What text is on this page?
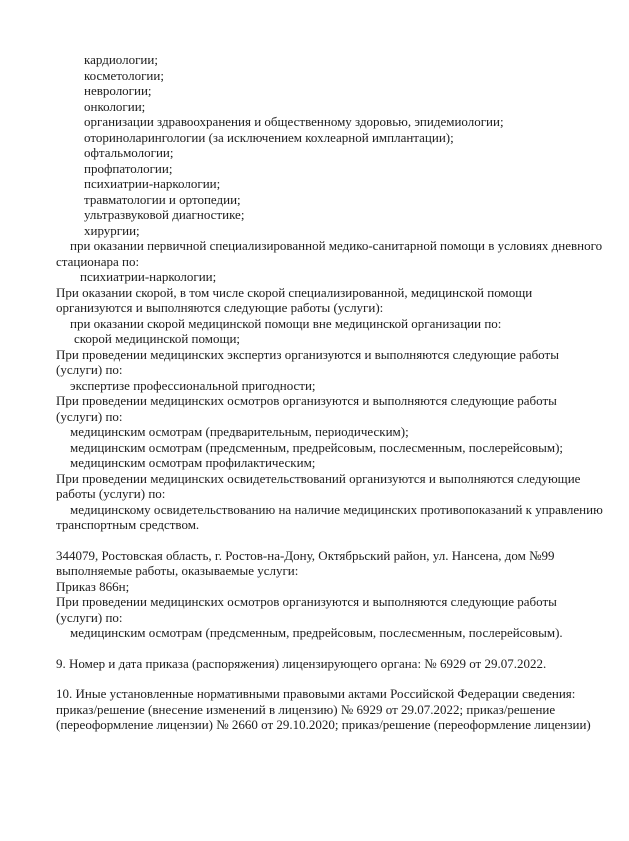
кардиологии;

косметологии;

неврологии;

онкологии;

организации здравоохранения и общественному здоровью, эпидемиологии;

оториноларингологии (за исключением кохлеарной имплантации);

офтальмологии;

профпатологии;

психиатрии-наркологии;

травматологии и ортопедии;

ультразвуковой диагностике;

хирургии;

при оказании первичной специализированной медико-санитарной помощи в условиях дневного

стационара по:

психиатрии-наркологии;

При оказании скорой, в том числе скорой специализированной, медицинской помощи

организуются и выполняются следующие работы (услуги):

при оказании скорой медицинской помощи вне медицинской организации по:

скорой медицинской помощи;

При проведении медицинских экспертиз организуются и выполняются следующие работы

(услуги) по:

экспертизе профессиональной пригодности;

При проведении медицинских осмотров организуются и выполняются следующие работы

(услуги) по:

медицинским осмотрам (предварительным, периодическим);

медицинским осмотрам (предсменным, предрейсовым, послесменным, послерейсовым);

медицинским осмотрам профилактическим;

При проведении медицинских освидетельствований организуются и выполняются следующие

работы (услуги) по:

медицинскому освидетельствованию на наличие медицинских противопоказаний к управлению

транспортным средством.

344079, Ростовская область, г. Ростов-на-Дону, Октябрьский район, ул. Нансена, дом №99

выполняемые работы, оказываемые услуги:

Приказ 866н;

При проведении медицинских осмотров организуются и выполняются следующие работы

(услуги) по:

медицинским осмотрам (предсменным, предрейсовым, послесменным, послерейсовым).

9. Номер и дата приказа (распоряжения) лицензирующего органа: № 6929 от 29.07.2022.

10. Иные установленные нормативными правовыми актами Российской Федерации сведения:

приказ/решение (внесение изменений в лицензию) № 6929 от 29.07.2022; приказ/решение

(переоформление лицензии) № 2660 от 29.10.2020; приказ/решение (переоформление лицензии)
